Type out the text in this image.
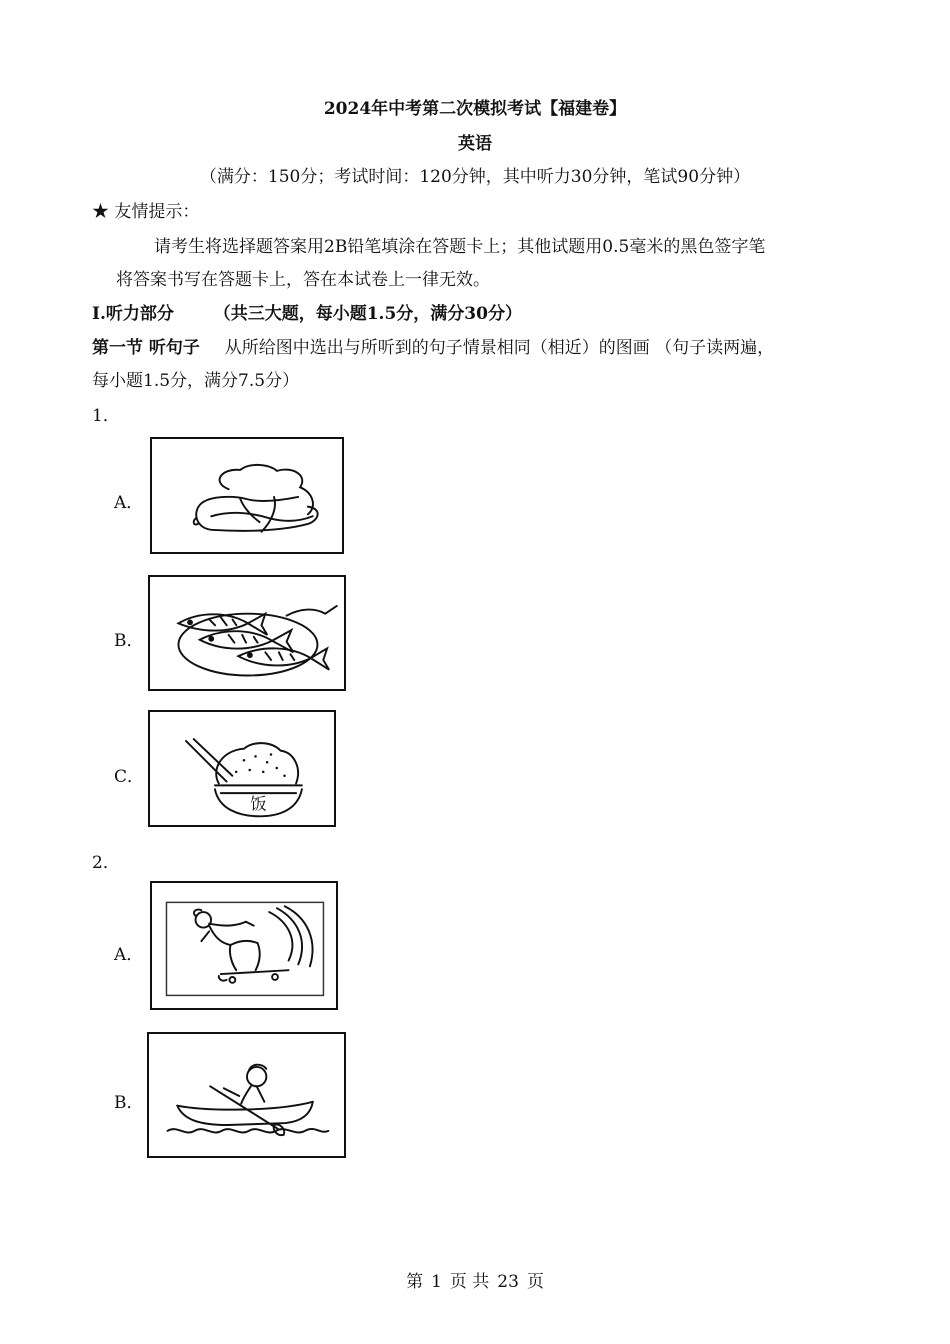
2024年中考第二次模拟考试【福建卷】
英语
（满分：150分；考试时间：120分钟，其中听力30分钟，笔试90分钟）
★ 友情提示：
请考生将选择题答案用2B铅笔填涂在答题卡上；其他试题用0.5毫米的黑色签字笔
将答案书写在答题卡上，答在本试卷上一律无效。
I.听力部分 （共三大题，每小题1.5分，满分30分）
第一节 听句子 从所给图中选出与所听到的句子情景相同（相近）的图画 （句子读两遍，
每小题1.5分，满分7.5分）
1．
A．
B．
C．
饭
2．
A．
B．
第 1 页 共 23 页
